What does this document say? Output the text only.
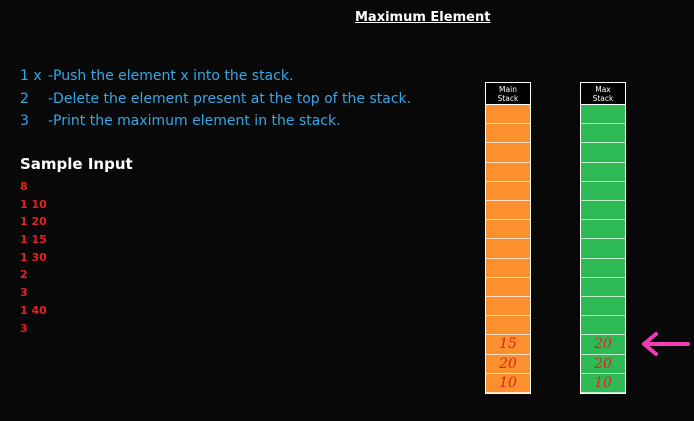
Maximum Element
1 x -Push the element x into the stack.
2 -Delete the element present at the top of the stack.
3 -Print the maximum element in the stack.
Sample Input
8
1 10
1 20
1 15
1 30
2
3
1 40
3
Main
Stack
15
20
10
Max
Stack
20
20
10
